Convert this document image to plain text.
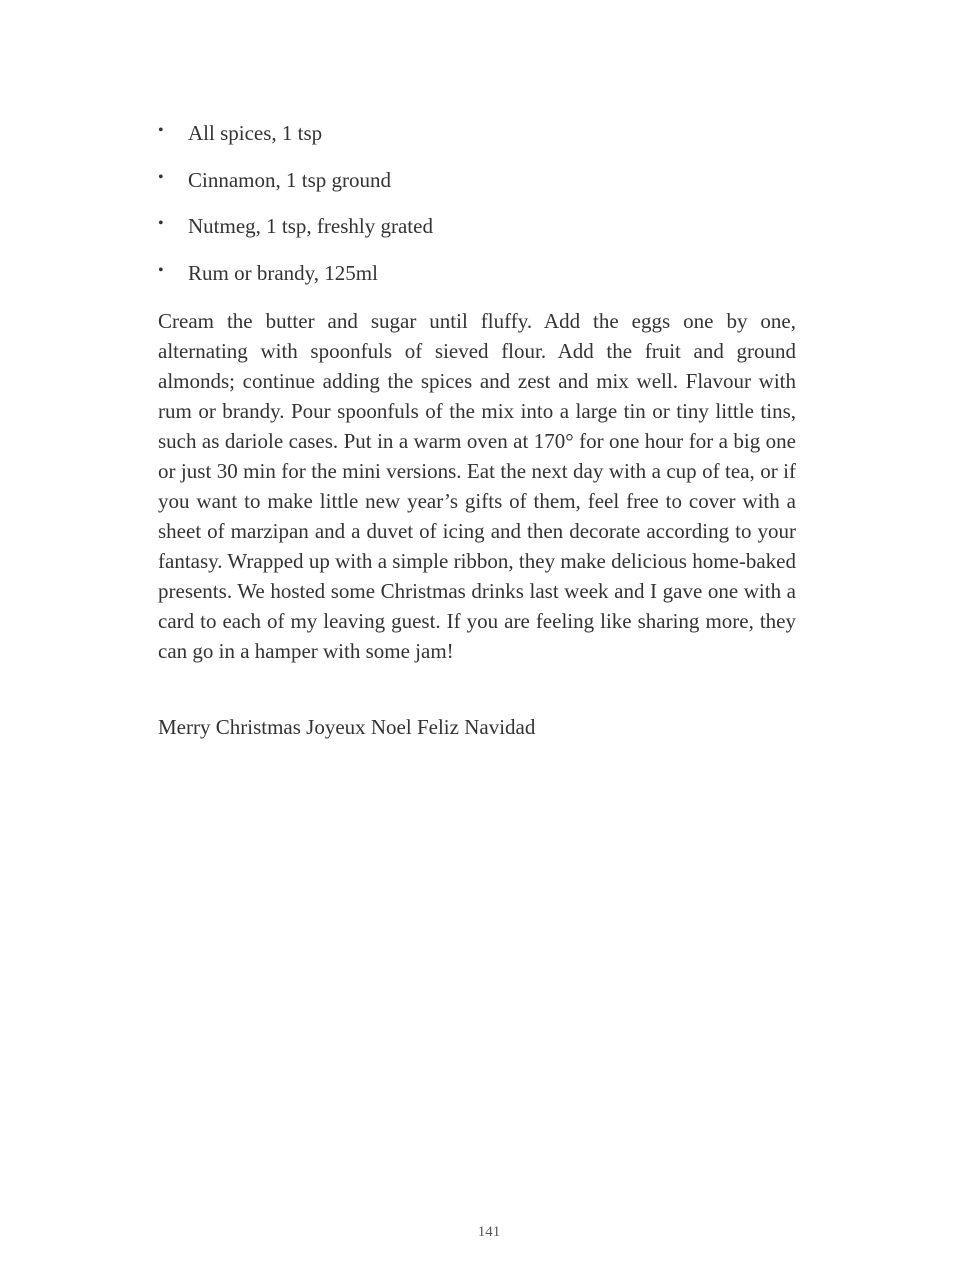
•	All spices, 1 tsp
•	Cinnamon, 1 tsp ground
•	Nutmeg, 1 tsp, freshly grated
•	Rum or brandy, 125ml

Cream the butter and sugar until fluffy. Add the eggs one by one, alternating with spoonfuls of sieved flour. Add the fruit and ground almonds; continue adding the spices and zest and mix well. Flavour with rum or brandy. Pour spoonfuls of the mix into a large tin or tiny little tins, such as dariole cases. Put in a warm oven at 170° for one hour for a big one or just 30 min for the mini versions. Eat the next day with a cup of tea, or if you want to make little new year’s gifts of them, feel free to cover with a sheet of marzipan and a duvet of icing and then decorate according to your fantasy. Wrapped up with a simple ribbon, they make delicious home-baked presents. We hosted some Christmas drinks last week and I gave one with a card to each of my leaving guest. If you are feeling like sharing more, they can go in a hamper with some jam!

Merry Christmas Joyeux Noel Feliz Navidad

141
